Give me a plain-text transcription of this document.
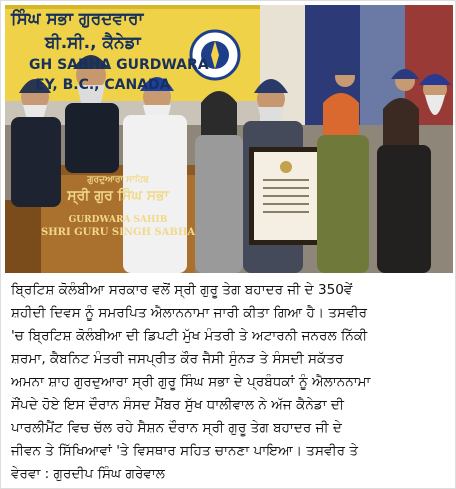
ਸਿੰਘ ਸਭਾ ਗੁਰਦਵਾਰਾ
ਬੀ.ਸੀ., ਕੈਨੇਡਾ
GH SABHA GURDWARA
EY, B.C., CANADA
ਗੁਰਦੁਆਰਾ ਸਾਹਿਬ
ਸ੍ਰੀ ਗੁਰ ਸਿੰਘ ਸਭਾ
GURDWARA SAHIB
SHRI GURU SINGH SABHA
ਬ੍ਰਿਟਿਸ਼ ਕੋਲੰਬੀਆ ਸਰਕਾਰ ਵਲੋਂ ਸ੍ਰੀ ਗੁਰੂ ਤੇਗ ਬਹਾਦਰ ਜੀ ਦੇ 350ਵੇਂ
ਸ਼ਹੀਦੀ ਦਿਵਸ ਨੂੰ ਸਮਰਪਿਤ ਐਲਾਨਨਾਮਾ ਜਾਰੀ ਕੀਤਾ ਗਿਆ ਹੈ। ਤਸਵੀਰ
'ਚ ਬ੍ਰਿਟਿਸ਼ ਕੋਲੰਬੀਆ ਦੀ ਡਿਪਟੀ ਮੁੱਖ ਮੰਤਰੀ ਤੇ ਅਟਾਰਨੀ ਜਨਰਲ ਨਿੱਕੀ
ਸ਼ਰਮਾ, ਕੈਬਨਿਟ ਮੰਤਰੀ ਜਸਪ੍ਰੀਤ ਕੌਰ ਜੈਸੀ ਸੁੰਨੜ ਤੇ ਸੰਸਦੀ ਸਕੱਤਰ
ਅਮਨਾ ਸ਼ਾਹ ਗੁਰਦੁਆਰਾ ਸ੍ਰੀ ਗੁਰੂ ਸਿੰਘ ਸਭਾ ਦੇ ਪ੍ਰਬੰਧਕਾਂ ਨੂੰ ਐਲਾਨਨਾਮਾ
ਸੌਂਪਦੇ ਹੋਏ ਇਸ ਦੌਰਾਨ ਸੰਸਦ ਮੈਂਬਰ ਸੁੱਖ ਧਾਲੀਵਾਲ ਨੇ ਅੱਜ ਕੈਨੇਡਾ ਦੀ
ਪਾਰਲੀਮੈਂਟ ਵਿਚ ਚੱਲ ਰਹੇ ਸੈਸ਼ਨ ਦੌਰਾਨ ਸ੍ਰੀ ਗੁਰੂ ਤੇਗ ਬਹਾਦਰ ਜੀ ਦੇ
ਜੀਵਨ ਤੇ ਸਿੱਖਿਆਵਾਂ 'ਤੇ ਵਿਸਥਾਰ ਸਹਿਤ ਚਾਨਣਾ ਪਾਇਆ। ਤਸਵੀਰ ਤੇ
ਵੇਰਵਾ : ਗੁਰਦੀਪ ਸਿੰਘ ਗਰੇਵਾਲ
